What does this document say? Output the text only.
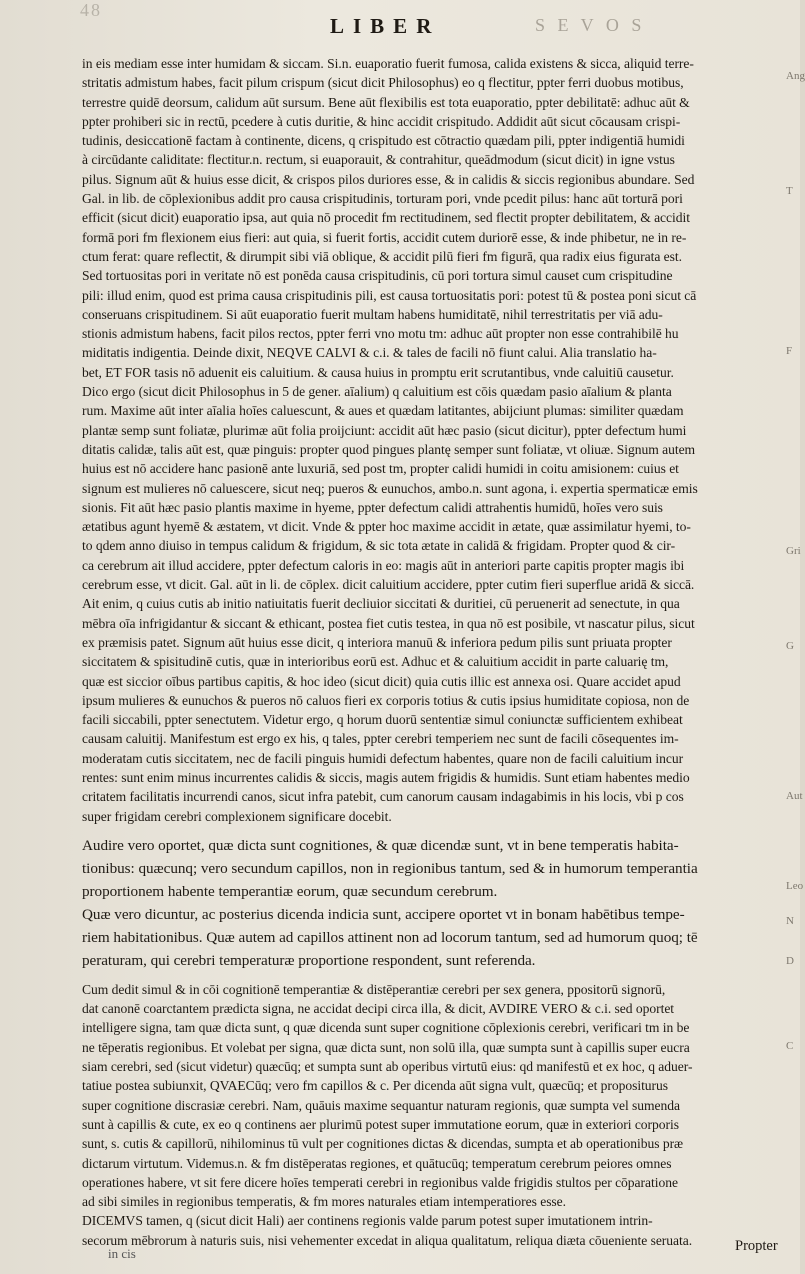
48
LIBER	S E V O S
in eis mediam esse inter humidam & siccam. Si.n. euaporatio fuerit fumosa, calida existens & sicca, aliquid terre-
stritatis admistum habes, facit pilum crispum (sicut dicit Philosophus) eo q flectitur, ppter ferri duobus motibus,
terrestre quidē deorsum, calidum aūt sursum. Bene aūt flexibilis est tota euaporatio, ppter debilitatē: adhuc aūt &
ppter prohiberi sic in rectū, pcedere à cutis duritie, & hinc accidit crispitudo. Addidit aūt sicut cōcausam crispi-
tudinis, desiccationē factam à continente, dicens, q crispitudo est cōtractio quædam pili, ppter indigentiā humidi
à circūdante caliditate: flectitur.n. rectum, si euaporauit, & contrahitur, queādmodum (sicut dicit) in igne vstus
pilus. Signum aūt & huius esse dicit, & crispos pilos duriores esse, & in calidis & siccis regionibus abundare. Sed
Gal. in lib. de cōplexionibus addit pro causa crispitudinis, torturam pori, vnde pcedit pilus: hanc aūt torturā pori
efficit (sicut dicit) euaporatio ipsa, aut quia nō procedit fm rectitudinem, sed flectit propter debilitatem, & accidit
formā pori fm flexionem eius fieri: aut quia, si fuerit fortis, accidit cutem duriorē esse, & inde phibetur, ne in re-
ctum ferat: quare reflectit, & dirumpit sibi viā oblique, & accidit pilū fieri fm figurā, qua radix eius figurata est.
Sed tortuositas pori in veritate nō est ponēda causa crispitudinis, cū pori tortura simul causet cum crispitudine
pili: illud enim, quod est prima causa crispitudinis pili, est causa tortuositatis pori: potest tū & postea poni sicut cā
conseruans crispitudinem. Si aūt euaporatio fuerit multam habens humiditatē, nihil terrestritatis per viā adu-
stionis admistum habens, facit pilos rectos, ppter ferri vno motu tm: adhuc aūt propter non esse contrahibilē hu
miditatis indigentia. Deinde dixit, NEQVE CALVI & c.i. & tales de facili nō fiunt calui. Alia translatio ha-
bet, ET FOR tasis nō aduenit eis caluitium. & causa huius in promptu erit scrutantibus, vnde caluitiū causetur.
Dico ergo (sicut dicit Philosophus in 5 de gener. aīalium) q caluitium est cōis quædam pasio aīalium & planta
rum. Maxime aūt inter aīalia hoīes caluescunt, & aues et quædam latitantes, abijciunt plumas: similiter quædam
plantæ semp sunt foliatæ, plurimæ aūt folia proijciunt: accidit aūt hæc pasio (sicut dicitur), ppter defectum humi
ditatis calidæ, talis aūt est, quæ pinguis: propter quod pingues plantę semper sunt foliatæ, vt oliuæ. Signum autem
huius est nō accidere hanc pasionē ante luxuriā, sed post tm, propter calidi humidi in coitu amisionem: cuius et
signum est mulieres nō caluescere, sicut neq; pueros & eunuchos, ambo.n. sunt agona, i. expertia spermaticæ emis
sionis. Fit aūt hæc pasio plantis maxime in hyeme, ppter defectum calidi attrahentis humidū, hoīes vero suis
ætatibus agunt hyemē & æstatem, vt dicit. Vnde & ppter hoc maxime accidit in ætate, quæ assimilatur hyemi, to-
to qdem anno diuiso in tempus calidum & frigidum, & sic tota ætate in calidā & frigidam. Propter quod & cir-
ca cerebrum ait illud accidere, ppter defectum caloris in eo: magis aūt in anteriori parte capitis propter magis ibi
cerebrum esse, vt dicit. Gal. aūt in li. de cōplex. dicit caluitium accidere, ppter cutim fieri superflue aridā & siccā.
Ait enim, q cuius cutis ab initio natiuitatis fuerit decliuior siccitati & duritiei, cū peruenerit ad senectute, in qua
mēbra oīa infrigidantur & siccant & ethicant, postea fiet cutis testea, in qua nō est posibile, vt nascatur pilus, sicut
ex præmisis patet. Signum aūt huius esse dicit, q interiora manuū & inferiora pedum pilis sunt priuata propter
siccitatem & spisitudinē cutis, quæ in interioribus eorū est. Adhuc et & caluitium accidit in parte caluarię tm,
quæ est siccior oībus partibus capitis, & hoc ideo (sicut dicit) quia cutis illic est annexa osi. Quare accidet apud
ipsum mulieres & eunuchos & pueros nō caluos fieri ex corporis totius & cutis ipsius humiditate copiosa, non de
facili siccabili, ppter senectutem. Videtur ergo, q horum duorū sententiæ simul coniunctæ sufficientem exhibeat
causam caluitij. Manifestum est ergo ex his, q tales, ppter cerebri temperiem nec sunt de facili cōsequentes im-
moderatam cutis siccitatem, nec de facili pinguis humidi defectum habentes, quare non de facili caluitium incur
rentes: sunt enim minus incurrentes calidis & siccis, magis autem frigidis & humidis. Sunt etiam habentes medio
critatem facilitatis incurrendi canos, sicut infra patebit, cum canorum causam indagabimis in his locis, vbi p cos
super frigidam cerebri complexionem significare docebit.
Audire vero oportet, quæ dicta sunt cognitiones, & quæ dicendæ sunt, vt in bene temperatis habita-
tionibus: quæcunq; vero secundum capillos, non in regionibus tantum, sed & in humorum temperantia
proportionem habente temperantiæ eorum, quæ secundum cerebrum.
Quæ vero dicuntur, ac posterius dicenda indicia sunt, accipere oportet vt in bonam habētibus tempe-
riem habitationibus. Quæ autem ad capillos attinent non ad locorum tantum, sed ad humorum quoq; tē
peraturam, qui cerebri temperaturæ proportione respondent, sunt referenda.
Cum dedit simul & in cōi cognitionē temperantiæ & distēperantiæ cerebri per sex genera, ppositorū signorū,
dat canonē coarctantem prædicta signa, ne accidat decipi circa illa, & dicit, AVDIRE VERO & c.i. sed oportet
intelligere signa, tam quæ dicta sunt, q quæ dicenda sunt super cognitione cōplexionis cerebri, verificari tm in be
ne tēperatis regionibus. Et volebat per signa, quæ dicta sunt, non solū illa, quæ sumpta sunt à capillis super eucra
siam cerebri, sed (sicut videtur) quæcūq; et sumpta sunt ab operibus virtutū eius: qd manifestū et ex hoc, q aduer-
tatiue postea subiunxit, QVAECūq; vero fm capillos & c. Per dicenda aūt signa vult, quæcūq; et propositurus
super cognitione discrasiæ cerebri. Nam, quāuis maxime sequantur naturam regionis, quæ sumpta vel sumenda
sunt à capillis & cute, ex eo q continens aer plurimū potest super immutatione eorum, quæ in exteriori corporis
sunt, s. cutis & capillorū, nihilominus tū vult per cognitiones dictas & dicendas, sumpta et ab operationibus præ
dictarum virtutum. Videmus.n. & fm distēperatas regiones, et quātucūq; temperatum cerebrum peiores omnes
operationes habere, vt sit fere dicere hoīes temperati cerebri in regionibus valde frigidis stultos per cōparatione
ad sibi similes in regionibus temperatis, & fm mores naturales etiam intemperatiores esse.
DICEMVS tamen, q (sicut dicit Hali) aer continens regionis valde parum potest super imutationem intrin-
secorum mēbrorum à naturis suis, nisi vehementer excedat in aliqua qualitatum, reliqua diæta cōueniente seruata.
Ang
T
F
Gri
G
Aut
Leo
N
D
C
in cis	Propter
